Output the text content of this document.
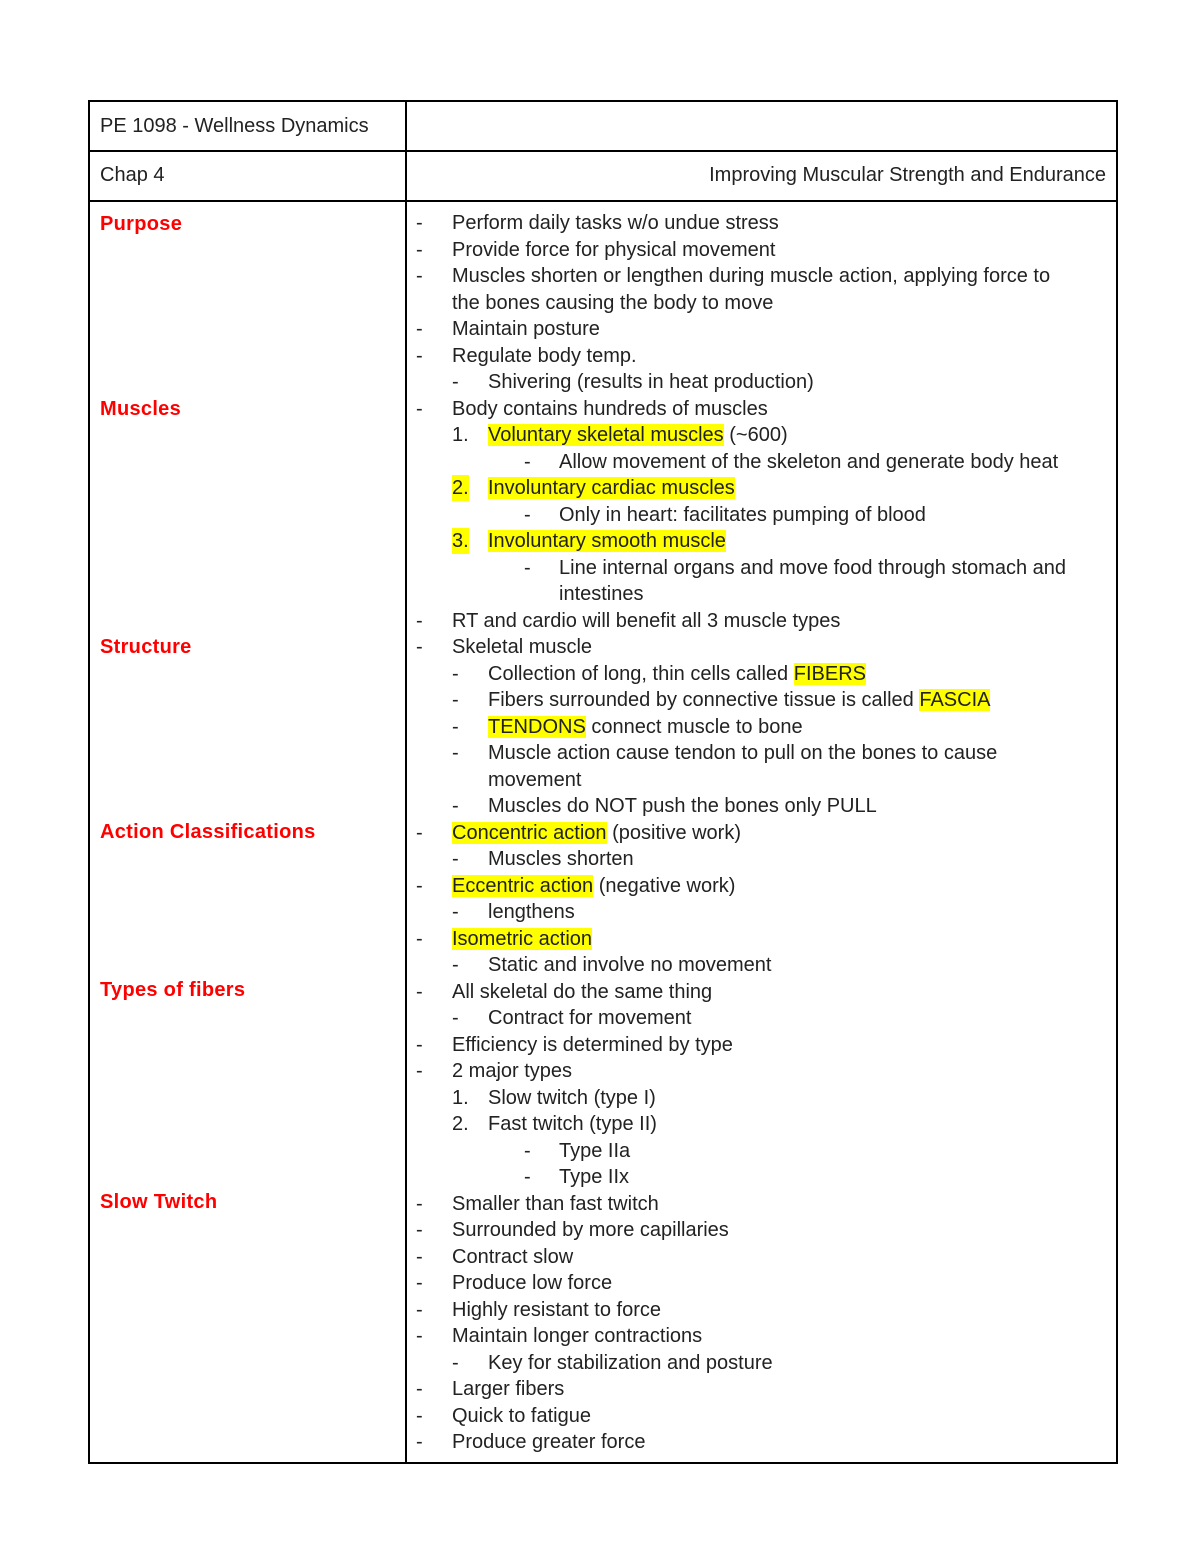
PE 1098 - Wellness Dynamics
Chap 4	Improving Muscular Strength and Endurance
Purpose
Muscles
Structure
Action Classifications
Types of fibers
Slow Twitch
- Perform daily tasks w/o undue stress
- Provide force for physical movement
- Muscles shorten or lengthen during muscle action, applying force to
the bones causing the body to move
- Maintain posture
- Regulate body temp.
- Shivering (results in heat production)
- Body contains hundreds of muscles
1. Voluntary skeletal muscles (~600)
- Allow movement of the skeleton and generate body heat
2. Involuntary cardiac muscles
- Only in heart: facilitates pumping of blood
3. Involuntary smooth muscle
- Line internal organs and move food through stomach and
intestines
- RT and cardio will benefit all 3 muscle types
- Skeletal muscle
- Collection of long, thin cells called FIBERS
- Fibers surrounded by connective tissue is called FASCIA
- TENDONS connect muscle to bone
- Muscle action cause tendon to pull on the bones to cause
movement
- Muscles do NOT push the bones only PULL
- Concentric action (positive work)
- Muscles shorten
- Eccentric action (negative work)
- lengthens
- Isometric action
- Static and involve no movement
- All skeletal do the same thing
- Contract for movement
- Efficiency is determined by type
- 2 major types
1. Slow twitch (type I)
2. Fast twitch (type II)
- Type IIa
- Type IIx
- Smaller than fast twitch
- Surrounded by more capillaries
- Contract slow
- Produce low force
- Highly resistant to force
- Maintain longer contractions
- Key for stabilization and posture
- Larger fibers
- Quick to fatigue
- Produce greater force
